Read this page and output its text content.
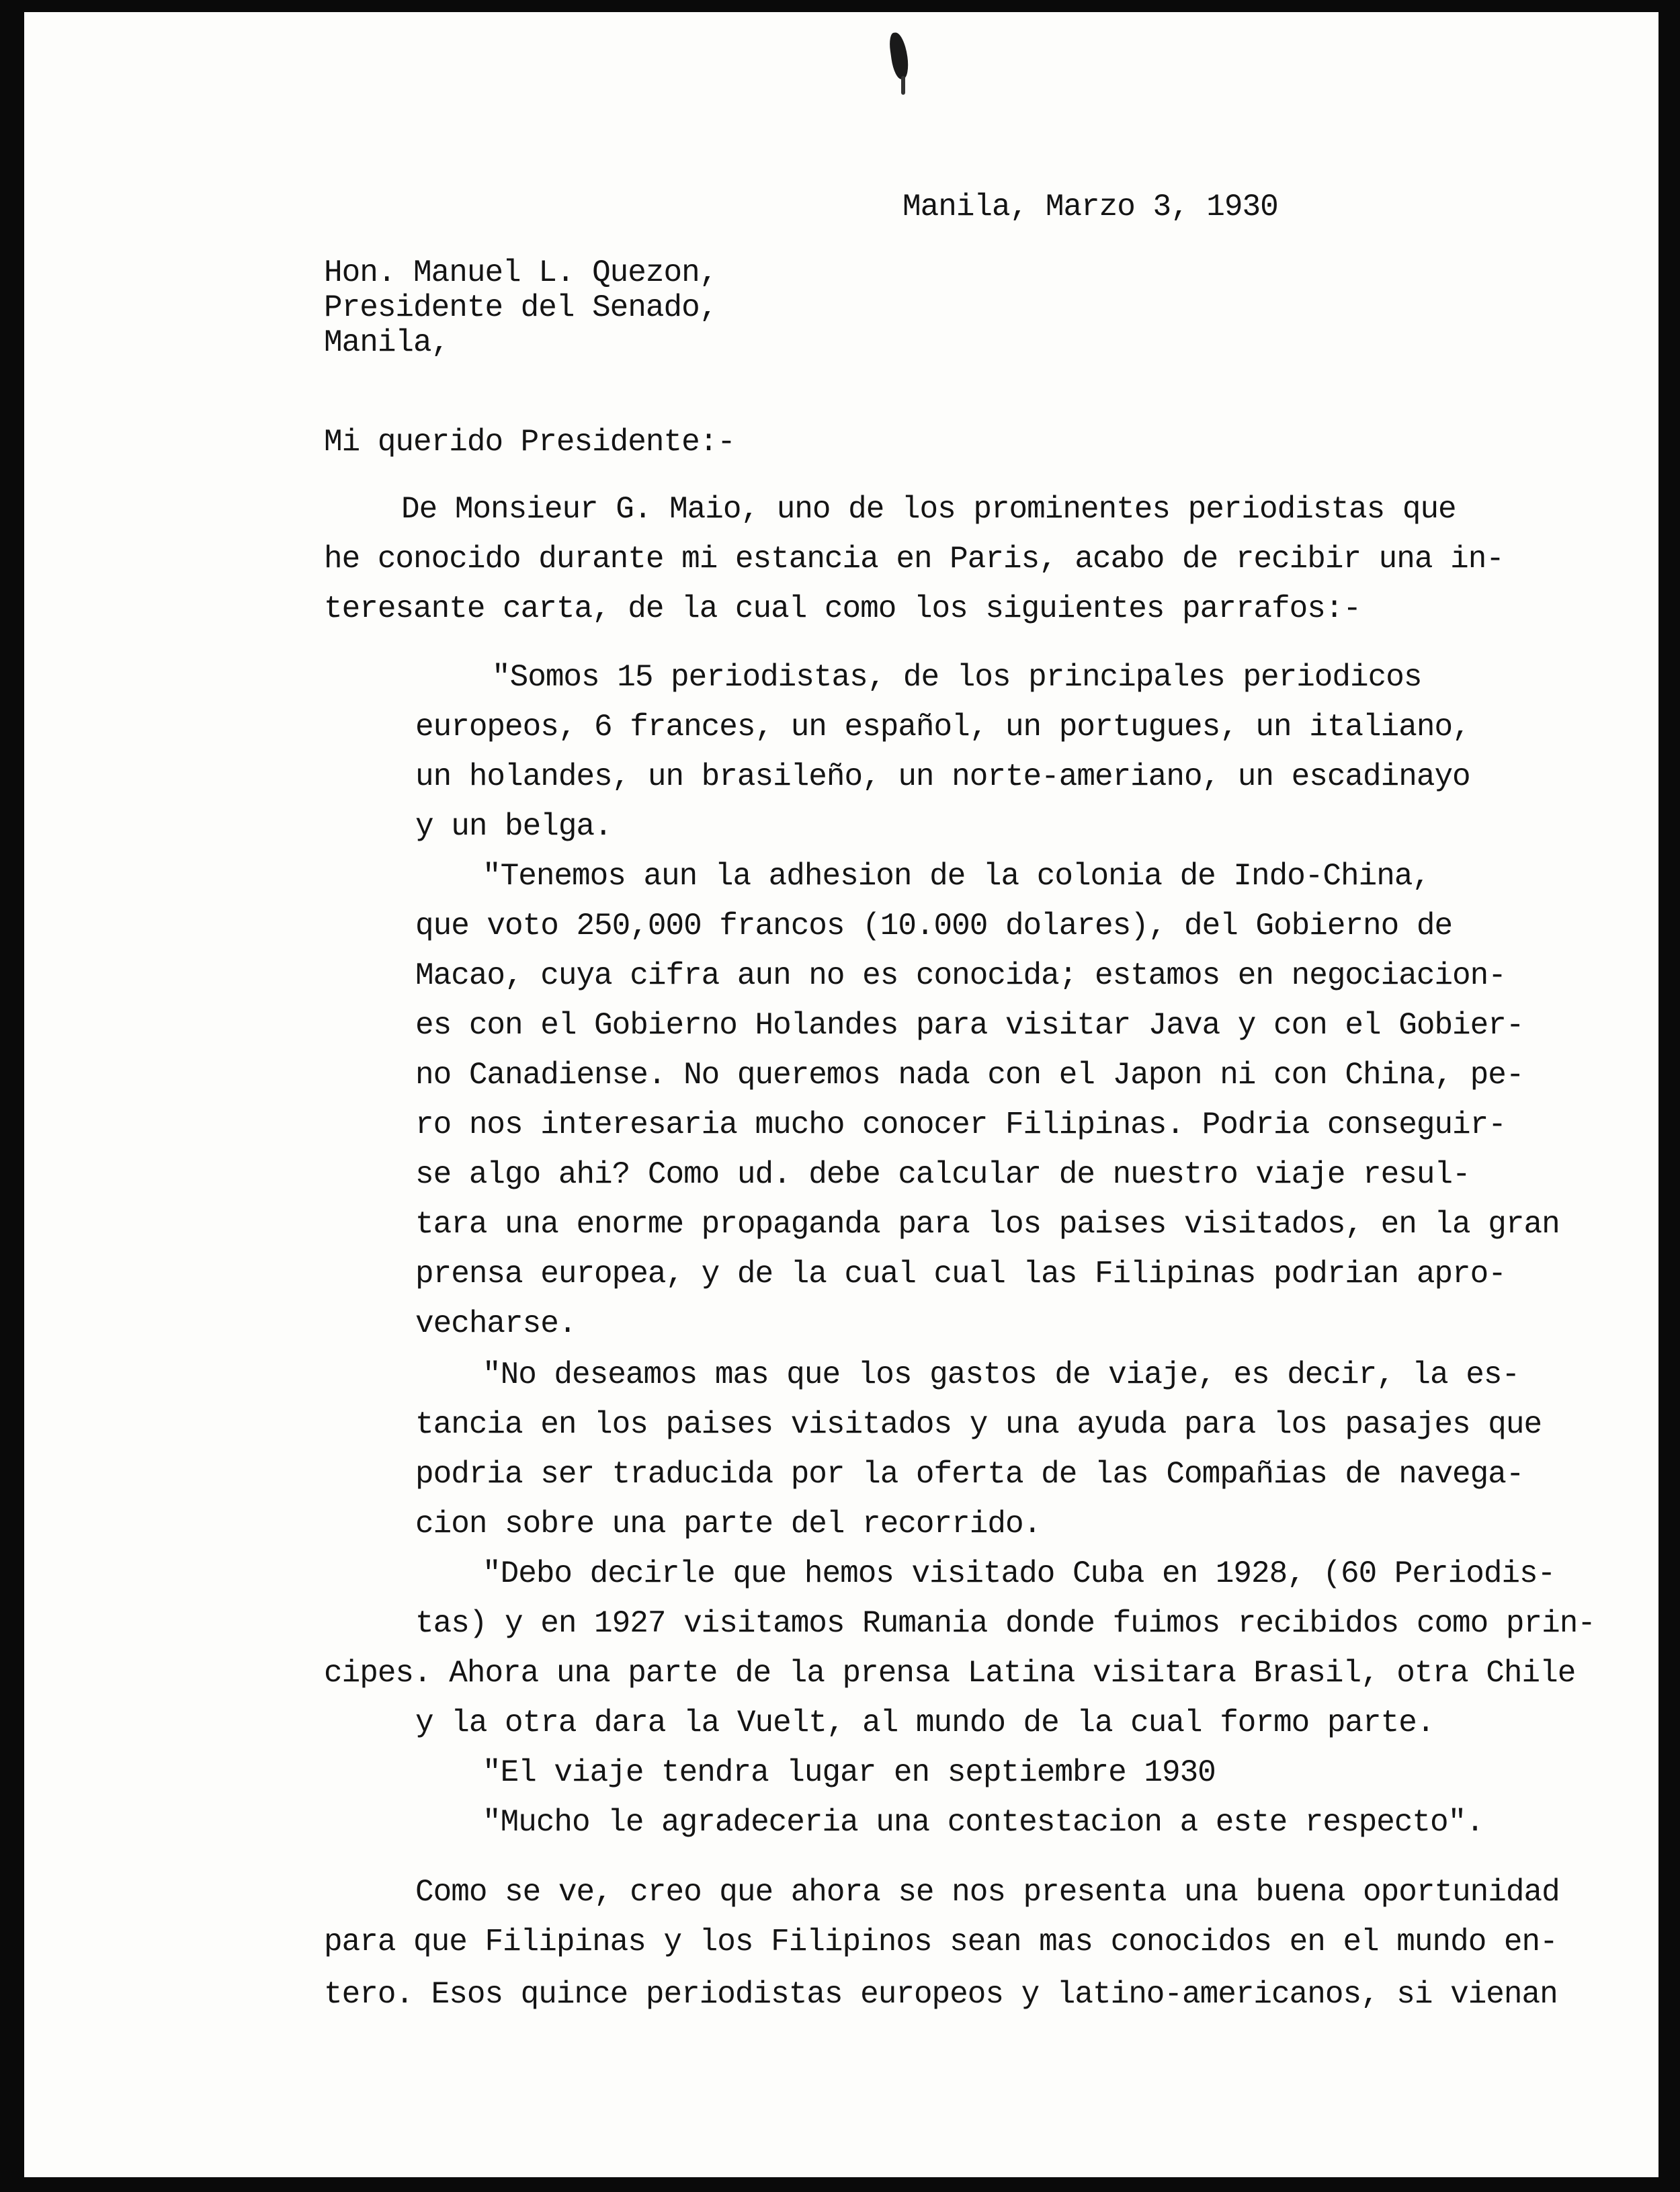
Manila, Marzo 3, 1930
Hon. Manuel L. Quezon,
Presidente del Senado,
Manila,
Mi querido Presidente:-
De Monsieur G. Maio, uno de los prominentes periodistas que
he conocido durante mi estancia en Paris, acabo de recibir una in-
teresante carta, de la cual como los siguientes parrafos:-
"Somos 15 periodistas, de los principales periodicos
europeos, 6 frances, un español, un portugues, un italiano,
un holandes, un brasileño, un norte-ameriano, un escadinayo
y un belga.
"Tenemos aun la adhesion de la colonia de Indo-China,
que voto 250,000 francos (10.000 dolares), del Gobierno de
Macao, cuya cifra aun no es conocida; estamos en negociacion-
es con el Gobierno Holandes para visitar Java y con el Gobier-
no Canadiense. No queremos nada con el Japon ni con China, pe-
ro nos interesaria mucho conocer Filipinas. Podria conseguir-
se algo ahi? Como ud. debe calcular de nuestro viaje resul-
tara una enorme propaganda para los paises visitados, en la gran
prensa europea, y de la cual cual las Filipinas podrian apro-
vecharse.
"No deseamos mas que los gastos de viaje, es decir, la es-
tancia en los paises visitados y una ayuda para los pasajes que
podria ser traducida por la oferta de las Compañias de navega-
cion sobre una parte del recorrido.
"Debo decirle que hemos visitado Cuba en 1928, (60 Periodis-
tas) y en 1927 visitamos Rumania donde fuimos recibidos como prin-
cipes. Ahora una parte de la prensa Latina visitara Brasil, otra Chile
y la otra dara la Vuelt, al mundo de la cual formo parte.
"El viaje tendra lugar en septiembre 1930
"Mucho le agradeceria una contestacion a este respecto".
Como se ve, creo que ahora se nos presenta una buena oportunidad
para que Filipinas y los Filipinos sean mas conocidos en el mundo en-
tero. Esos quince periodistas europeos y latino-americanos, si vienan
